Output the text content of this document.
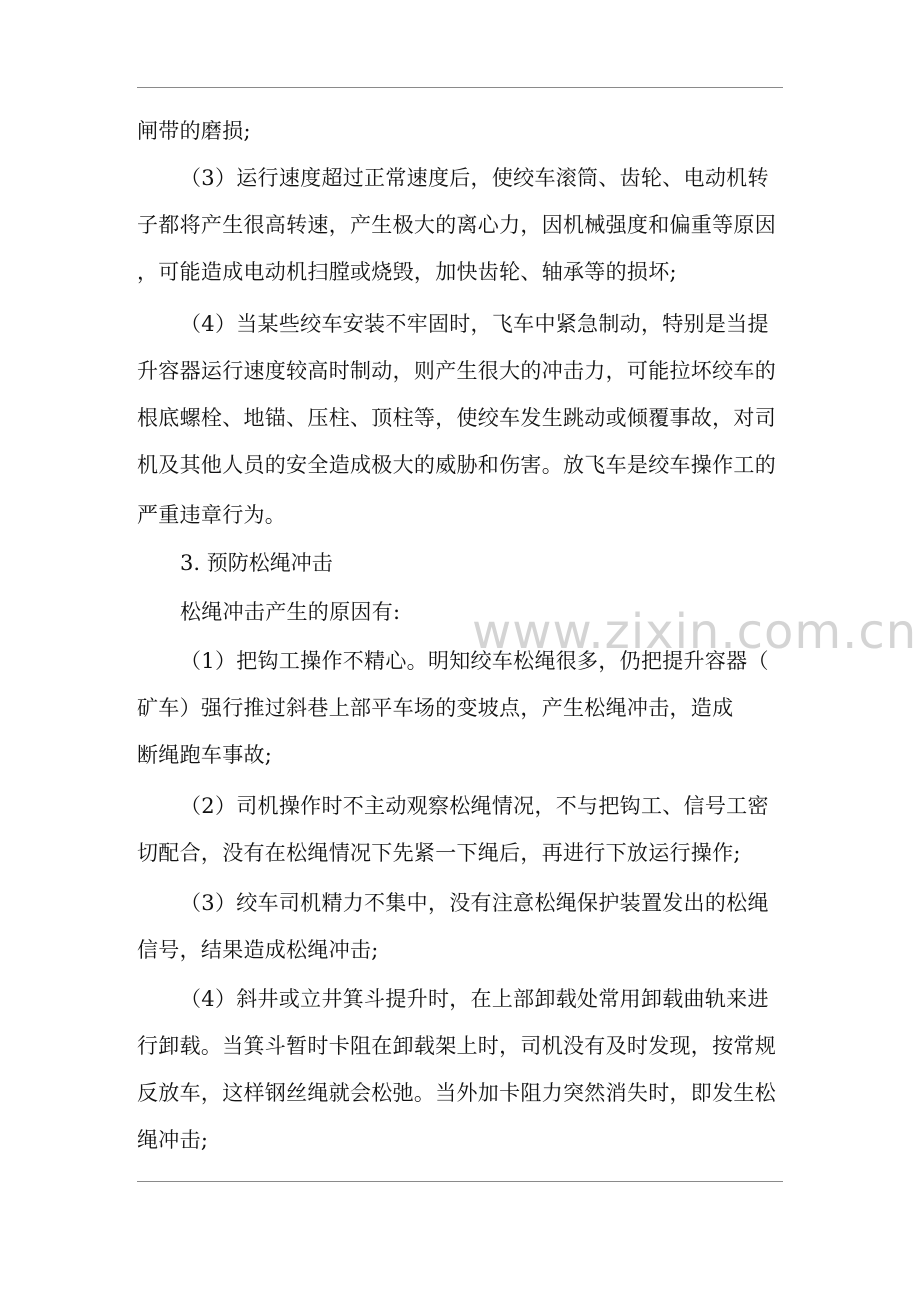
www.zixin.com.cn
闸带的磨损;
（3）运行速度超过正常速度后，使绞车滚筒、齿轮、电动机转
子都将产生很高转速，产生极大的离心力，因机械强度和偏重等原因
，可能造成电动机扫膛或烧毁，加快齿轮、轴承等的损坏;
（4）当某些绞车安装不牢固时，飞车中紧急制动，特别是当提
升容器运行速度较高时制动，则产生很大的冲击力，可能拉坏绞车的
根底螺栓、地锚、压柱、顶柱等，使绞车发生跳动或倾覆事故，对司
机及其他人员的安全造成极大的威胁和伤害。放飞车是绞车操作工的
严重违章行为。
3. 预防松绳冲击
松绳冲击产生的原因有:
（1）把钩工操作不精心。明知绞车松绳很多，仍把提升容器（
矿车）强行推过斜巷上部平车场的变坡点，产生松绳冲击，造成
断绳跑车事故;
（2）司机操作时不主动观察松绳情况，不与把钩工、信号工密
切配合，没有在松绳情况下先紧一下绳后，再进行下放运行操作;
（3）绞车司机精力不集中，没有注意松绳保护装置发出的松绳
信号，结果造成松绳冲击;
（4）斜井或立井箕斗提升时，在上部卸载处常用卸载曲轨来进
行卸载。当箕斗暂时卡阻在卸载架上时，司机没有及时发现，按常规
反放车，这样钢丝绳就会松弛。当外加卡阻力突然消失时，即发生松
绳冲击;
